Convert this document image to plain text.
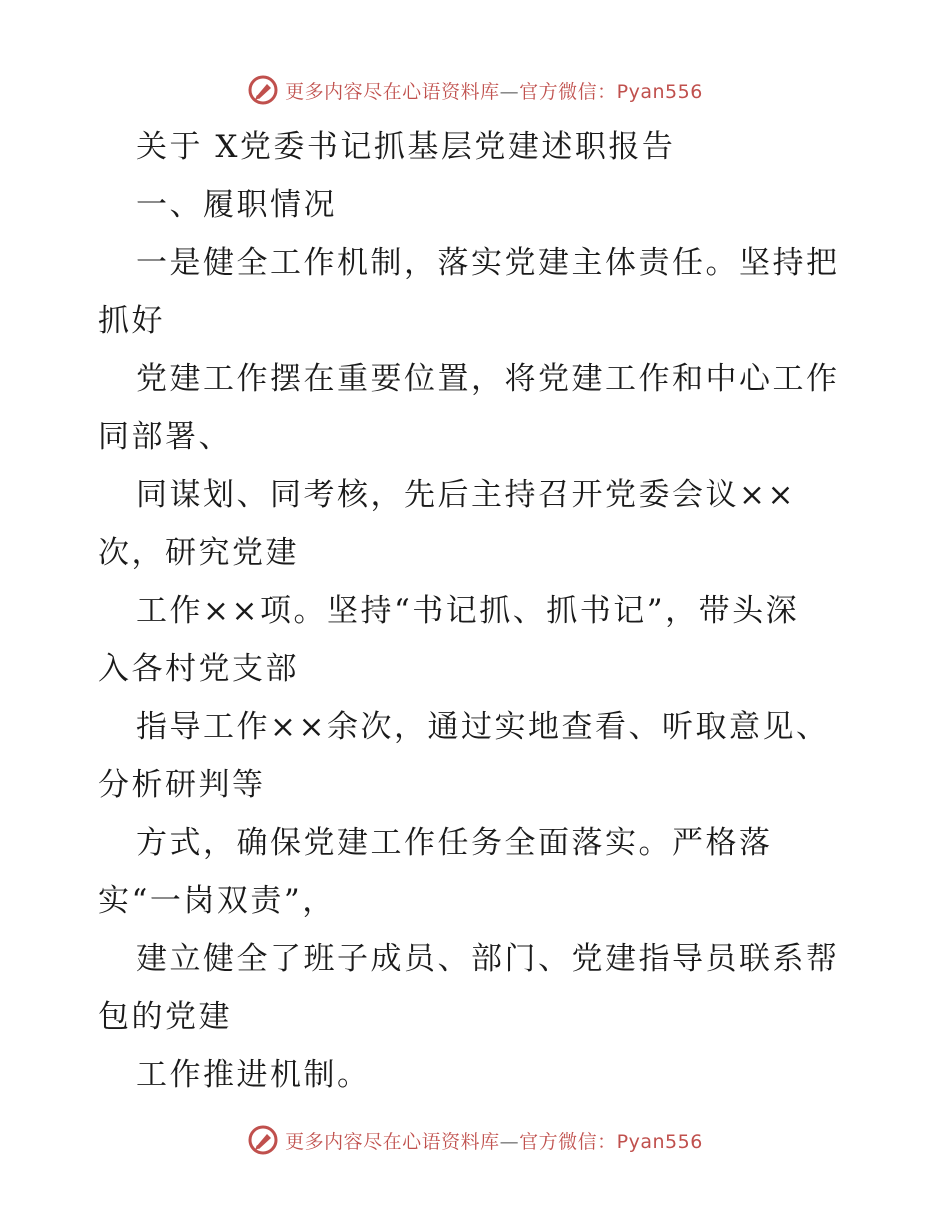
更多内容尽在心语资料库—官方微信：Pyan556
关于 X党委书记抓基层党建述职报告
一、履职情况
一是健全工作机制，落实党建主体责任。坚持把
抓好
党建工作摆在重要位置，将党建工作和中心工作
同部署、
同谋划、同考核，先后主持召开党委会议××
次，研究党建
工作××项。坚持“书记抓、抓书记”，带头深
入各村党支部
指导工作××余次，通过实地查看、听取意见、
分析研判等
方式，确保党建工作任务全面落实。严格落
实“一岗双责”，
建立健全了班子成员、部门、党建指导员联系帮
包的党建
工作推进机制。
更多内容尽在心语资料库—官方微信：Pyan556
